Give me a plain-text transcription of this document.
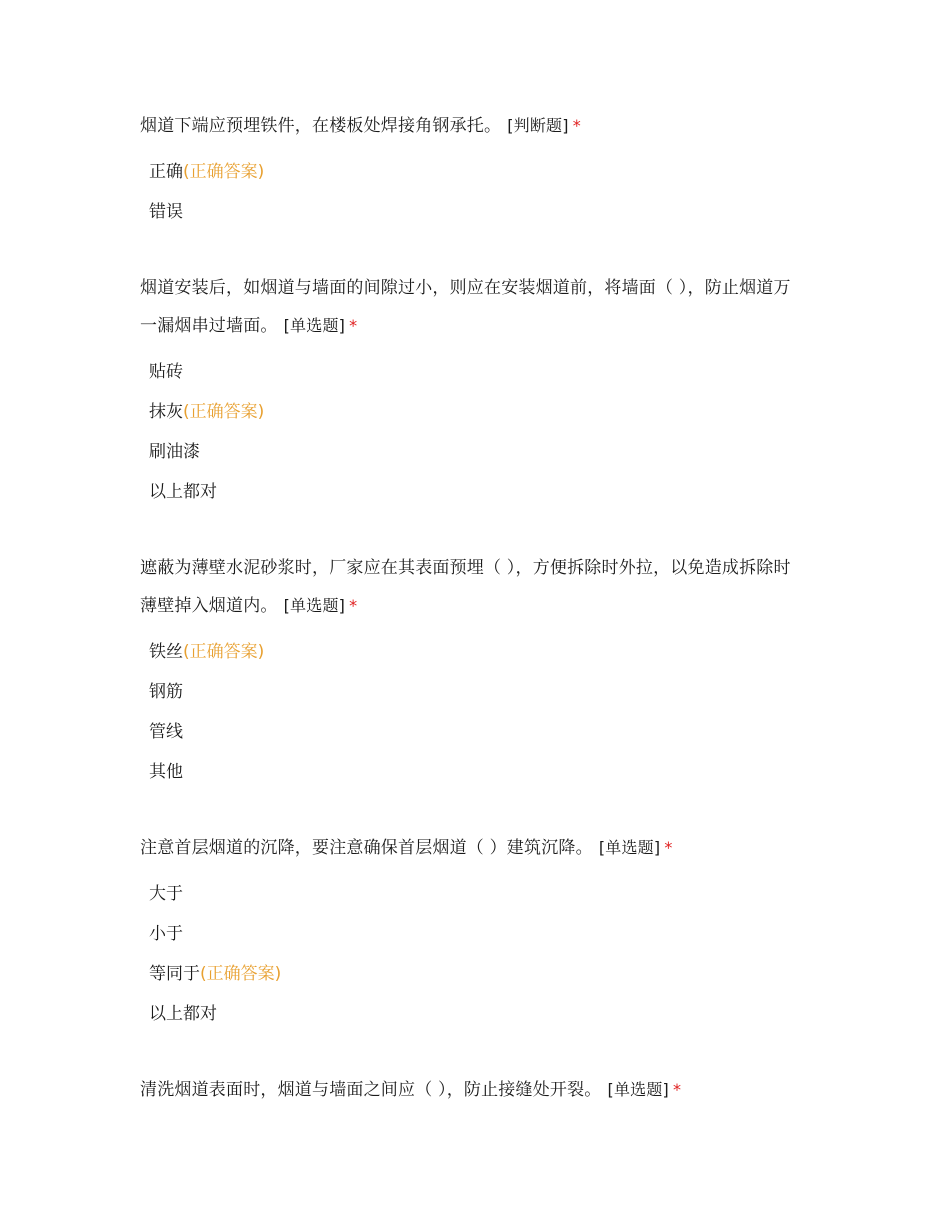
烟道下端应预埋铁件，在楼板处焊接角钢承托。 [判断题] *
正确(正确答案)
错误
烟道安装后，如烟道与墙面的间隙过小，则应在安装烟道前，将墙面（ ），防止烟道万一漏烟串过墙面。 [单选题] *
贴砖
抹灰(正确答案)
刷油漆
以上都对
遮蔽为薄壁水泥砂浆时，厂家应在其表面预埋（ ），方便拆除时外拉，以免造成拆除时薄壁掉入烟道内。 [单选题] *
铁丝(正确答案)
钢筋
管线
其他
注意首层烟道的沉降，要注意确保首层烟道（ ）建筑沉降。 [单选题] *
大于
小于
等同于(正确答案)
以上都对
清洗烟道表面时，烟道与墙面之间应（ ），防止接缝处开裂。 [单选题] *
